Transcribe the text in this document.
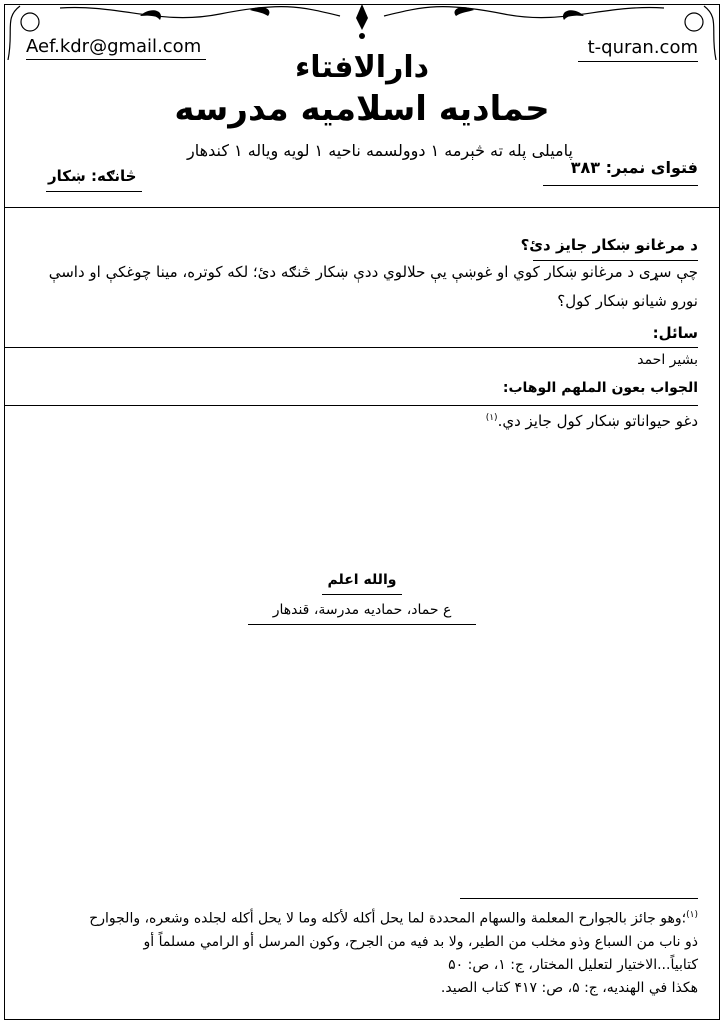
Aef.kdr@gmail.com	t-quran.com
دارالافتاء
حمادیه اسلامیه مدرسه
پامیلی پله ته څېرمه ۱ دوولسمه ناحیه ۱ لویه ویاله ۱ کندهار
فتوای نمبر: ۳۸۳
څانګه: ښکار
د مرغانو ښکار جایز دئ؟
چې سړی د مرغانو ښکار کوي او غوښې یې حلالوي ددې ښکار څنګه دئ؛ لکه کوتره، مینا چوغکې او داسې نورو شیانو ښکار کول؟
سائل:
بشیر احمد
الجواب بعون الملهم الوهاب:
دغو حیواناتو ښکار کول جایز دي.$^{(۱)}$
والله اعلم
ع حماد، حمادیه مدرسة، قندهار
$^{(۱)}$؛وهو جائز بالجوارح المعلمة والسهام المحددة لما یحل أکله لأکله وما لا یحل أکله لجلده وشعره، والجوارح
ذو ناب من السباع وذو مخلب من الطیر، ولا بد فیه من الجرح، وکون المرسل أو الرامي مسلماً أو
کتابیاً...الاختیار لتعلیل المختار، ج: ۱، ص: ۵۰
هکذا في الهندیه، ج: ۵، ص: ۴۱۷ کتاب الصید.
